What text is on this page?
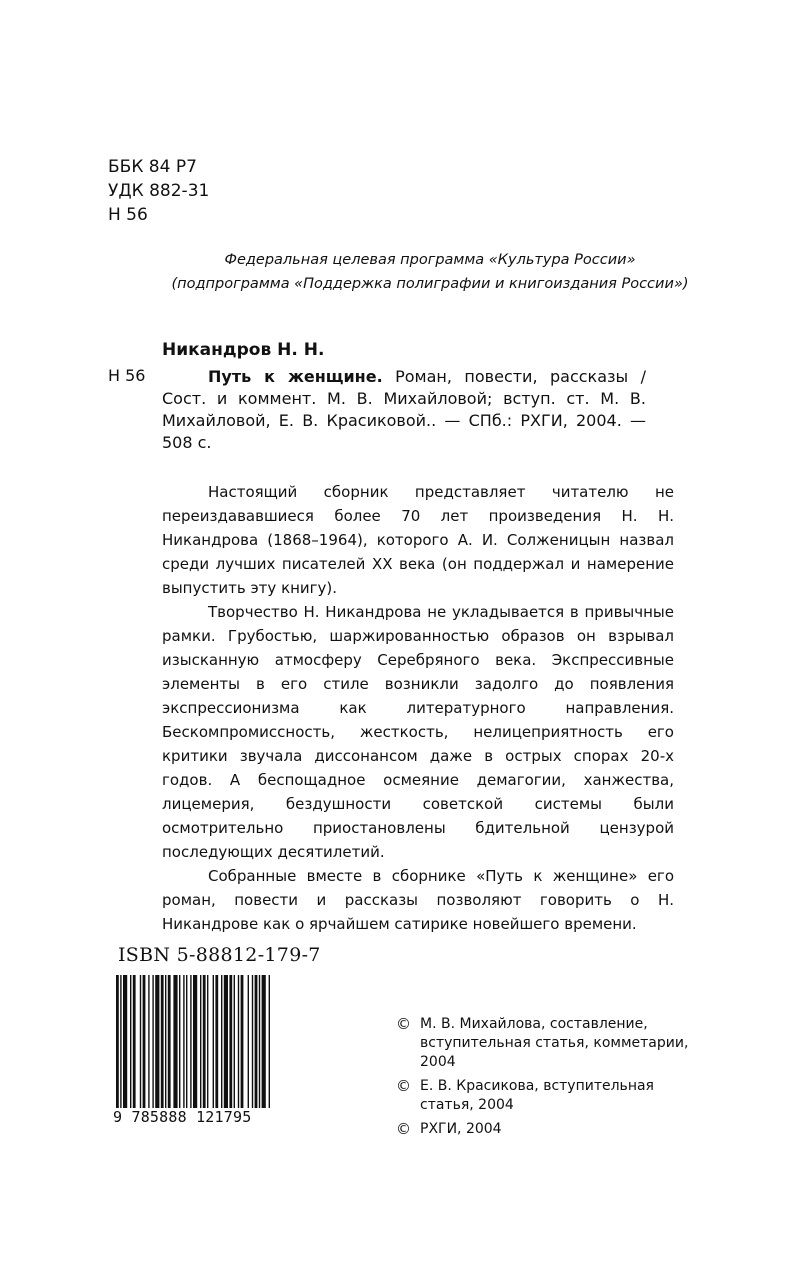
ББК 84 Р7
УДК 882-31
Н 56
Федеральная целевая программа «Культура России»
(подпрограмма «Поддержка полиграфии и книгоиздания России»)
Никандров Н. Н.
Н 56	Путь к женщине. Роман, повести, рассказы / Сост. и коммент. М. В. Михайловой; вступ. ст. М. В. Михайловой, Е. В. Красиковой.. — СПб.: РХГИ, 2004. — 508 с.

Настоящий сборник представляет читателю не переиздававшиеся более 70 лет произведения Н. Н. Никандрова (1868–1964), которого А. И. Солженицын назвал среди лучших писателей XX века (он поддержал и намерение выпустить эту книгу).

Творчество Н. Никандрова не укладывается в привычные рамки. Грубостью, шаржированностью образов он взрывал изысканную атмосферу Серебряного века. Экспрессивные элементы в его стиле возникли задолго до появления экспрессионизма как литературного направления. Бескомпромиссность, жесткость, нелицеприятность его критики звучала диссонансом даже в острых спорах 20-х годов. А беспощадное осмеяние демагогии, ханжества, лицемерия, бездушности советской системы были осмотрительно приостановлены бдительной цензурой последующих десятилетий.

Собранные вместе в сборнике «Путь к женщине» его роман, повести и рассказы позволяют говорить о Н. Никандрове как о ярчайшем сатирике новейшего времени.

ISBN 5-88812-179-7
9 785888 121795
© М. В. Михайлова, составление, вступительная статья, комметарии, 2004
© Е. В. Красикова, вступительная статья, 2004
© РХГИ, 2004
